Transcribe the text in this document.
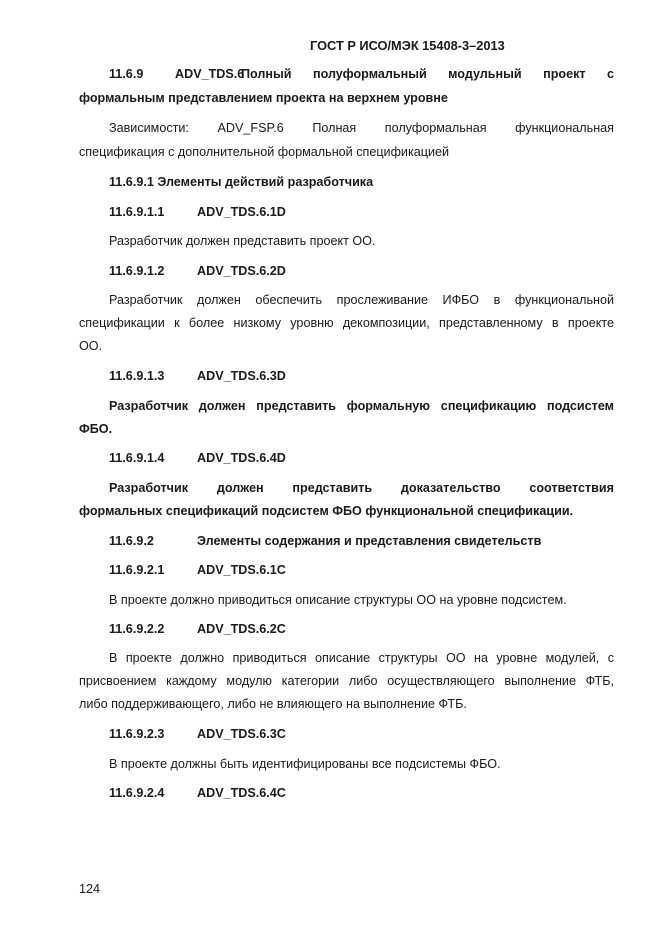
ГОСТ Р ИСО/МЭК 15408-3–2013
11.6.9	ADV_TDS.6Полный полуформальный модульный проект с
формальным представлением проекта на верхнем уровне
Зависимости: ADV_FSP.6 Полная полуформальная функциональная
спецификация с дополнительной формальной спецификацией
11.6.9.1 Элементы действий разработчика
11.6.9.1.1	ADV_TDS.6.1D
Разработчик должен представить проект ОО.
11.6.9.1.2	ADV_TDS.6.2D
Разработчик должен обеспечить прослеживание ИФБО в функциональной
спецификации к более низкому уровню декомпозиции, представленному в проекте
ОО.
11.6.9.1.3	ADV_TDS.6.3D
Разработчик должен представить формальную спецификацию подсистем
ФБО.
11.6.9.1.4	ADV_TDS.6.4D
Разработчик должен представить доказательство соответствия
формальных спецификаций подсистем ФБО функциональной спецификации.
11.6.9.2	Элементы содержания и представления свидетельств
11.6.9.2.1	ADV_TDS.6.1C
В проекте должно приводиться описание структуры ОО на уровне подсистем.
11.6.9.2.2	ADV_TDS.6.2C
В проекте должно приводиться описание структуры ОО на уровне модулей, с
присвоением каждому модулю категории либо осуществляющего выполнение ФТБ,
либо поддерживающего, либо не влияющего на выполнение ФТБ.
11.6.9.2.3	ADV_TDS.6.3C
В проекте должны быть идентифицированы все подсистемы ФБО.
11.6.9.2.4	ADV_TDS.6.4C
124
